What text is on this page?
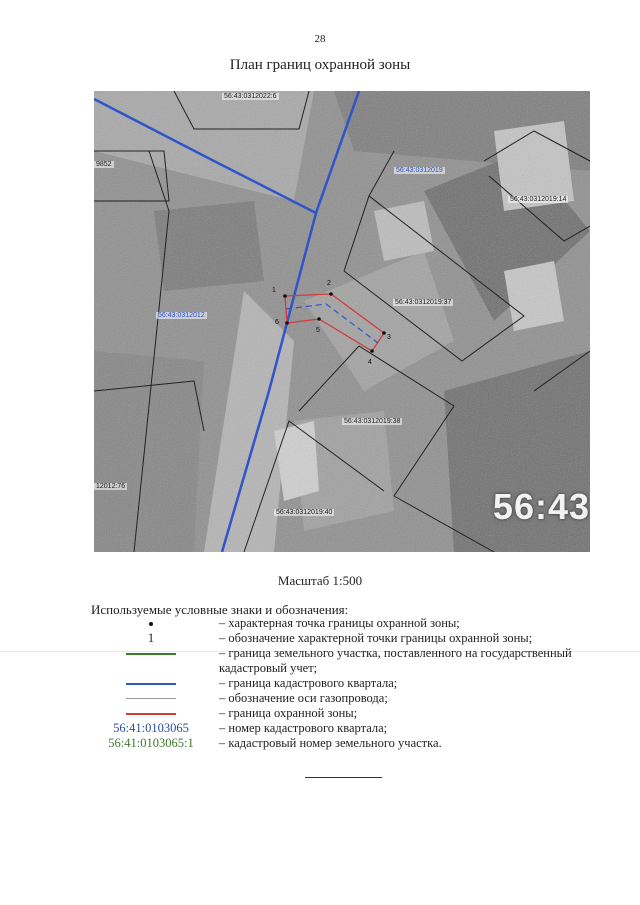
28
План границ охранной зоны
56:43:0312022:6
9852
56:43:0312019
56:43:0312019:14
56:43:0312012
56:43:0312019:37
56:43:0312019:38
12012:76
56:43:0312019:40
1
2
3
4
5
6
56:43
Масштаб 1:500
Используемые условные знаки и обозначения:
– характерная точка границы охранной зоны;
1	– обозначение характерной точки границы охранной зоны;
– граница земельного участка, поставленного на государственный кадастровый учет;
– граница кадастрового квартала;
– обозначение оси газопровода;
– граница охранной зоны;
56:41:0103065 – номер кадастрового квартала;
56:41:0103065:1 – кадастровый номер земельного участка.
